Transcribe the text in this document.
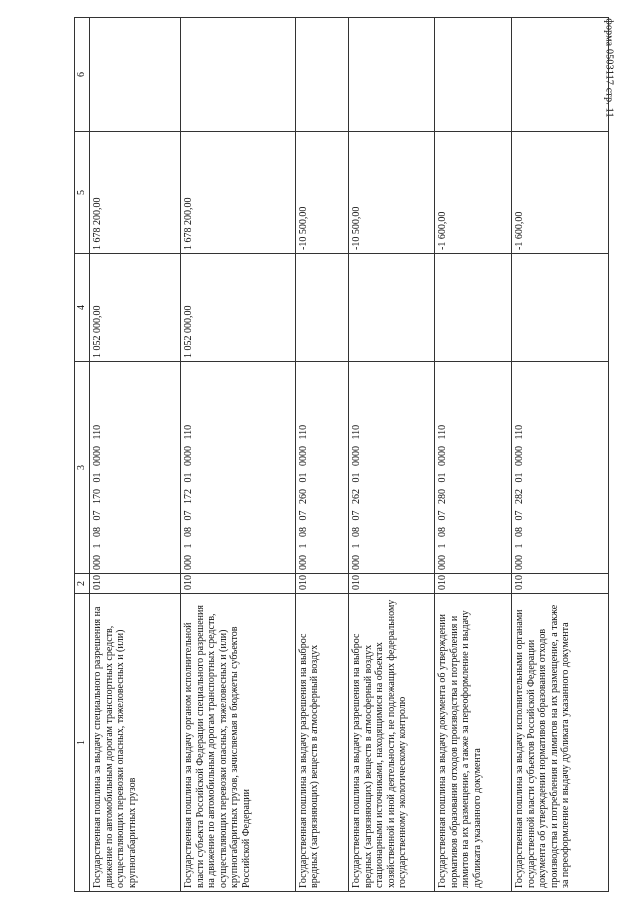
форма 0503117 стр. 11
1	2	3	4	5	6
Государственная пошлина за выдачу специального разрешения на движение по автомобильным дорогам транспортных средств, осуществляющих перевозки опасных, тяжеловесных и (или) крупногабаритных грузов	010	000 1 08 07 170 01 0000 110	1 052 000,00	1 678 200,00	
Государственная пошлина за выдачу органом исполнительной власти субъекта Российской Федерации специального разрешения на движение по автомобильным дорогам транспортных средств, осуществляющих перевозки опасных, тяжеловесных и (или) крупногабаритных грузов, зачисляемая в бюджеты субъектов Российской Федерации	010	000 1 08 07 172 01 0000 110	1 052 000,00	1 678 200,00	
Государственная пошлина за выдачу разрешения на выброс вредных (загрязняющих) веществ в атмосферный воздух	010	000 1 08 07 260 01 0000 110		-10 500,00	
Государственная пошлина за выдачу разрешения на выброс вредных (загрязняющих) веществ в атмосферный воздух стационарными источниками, находящимися на объектах хозяйственной и иной деятельности, не подлежащих федеральному государственному экологическому контролю	010	000 1 08 07 262 01 0000 110		-10 500,00	
Государственная пошлина за выдачу документа об утверждении нормативов образования отходов производства и потребления и лимитов на их размещение, а также за переоформление и выдачу дубликата указанного документа	010	000 1 08 07 280 01 0000 110		-1 600,00	
Государственная пошлина за выдачу исполнительными органами государственной власти субъектов Российской Федерации документа об утверждении нормативов образования отходов производства и потребления и лимитов на их размещение, а также за переоформление и выдачу дубликата указанного документа	010	000 1 08 07 282 01 0000 110		-1 600,00	
